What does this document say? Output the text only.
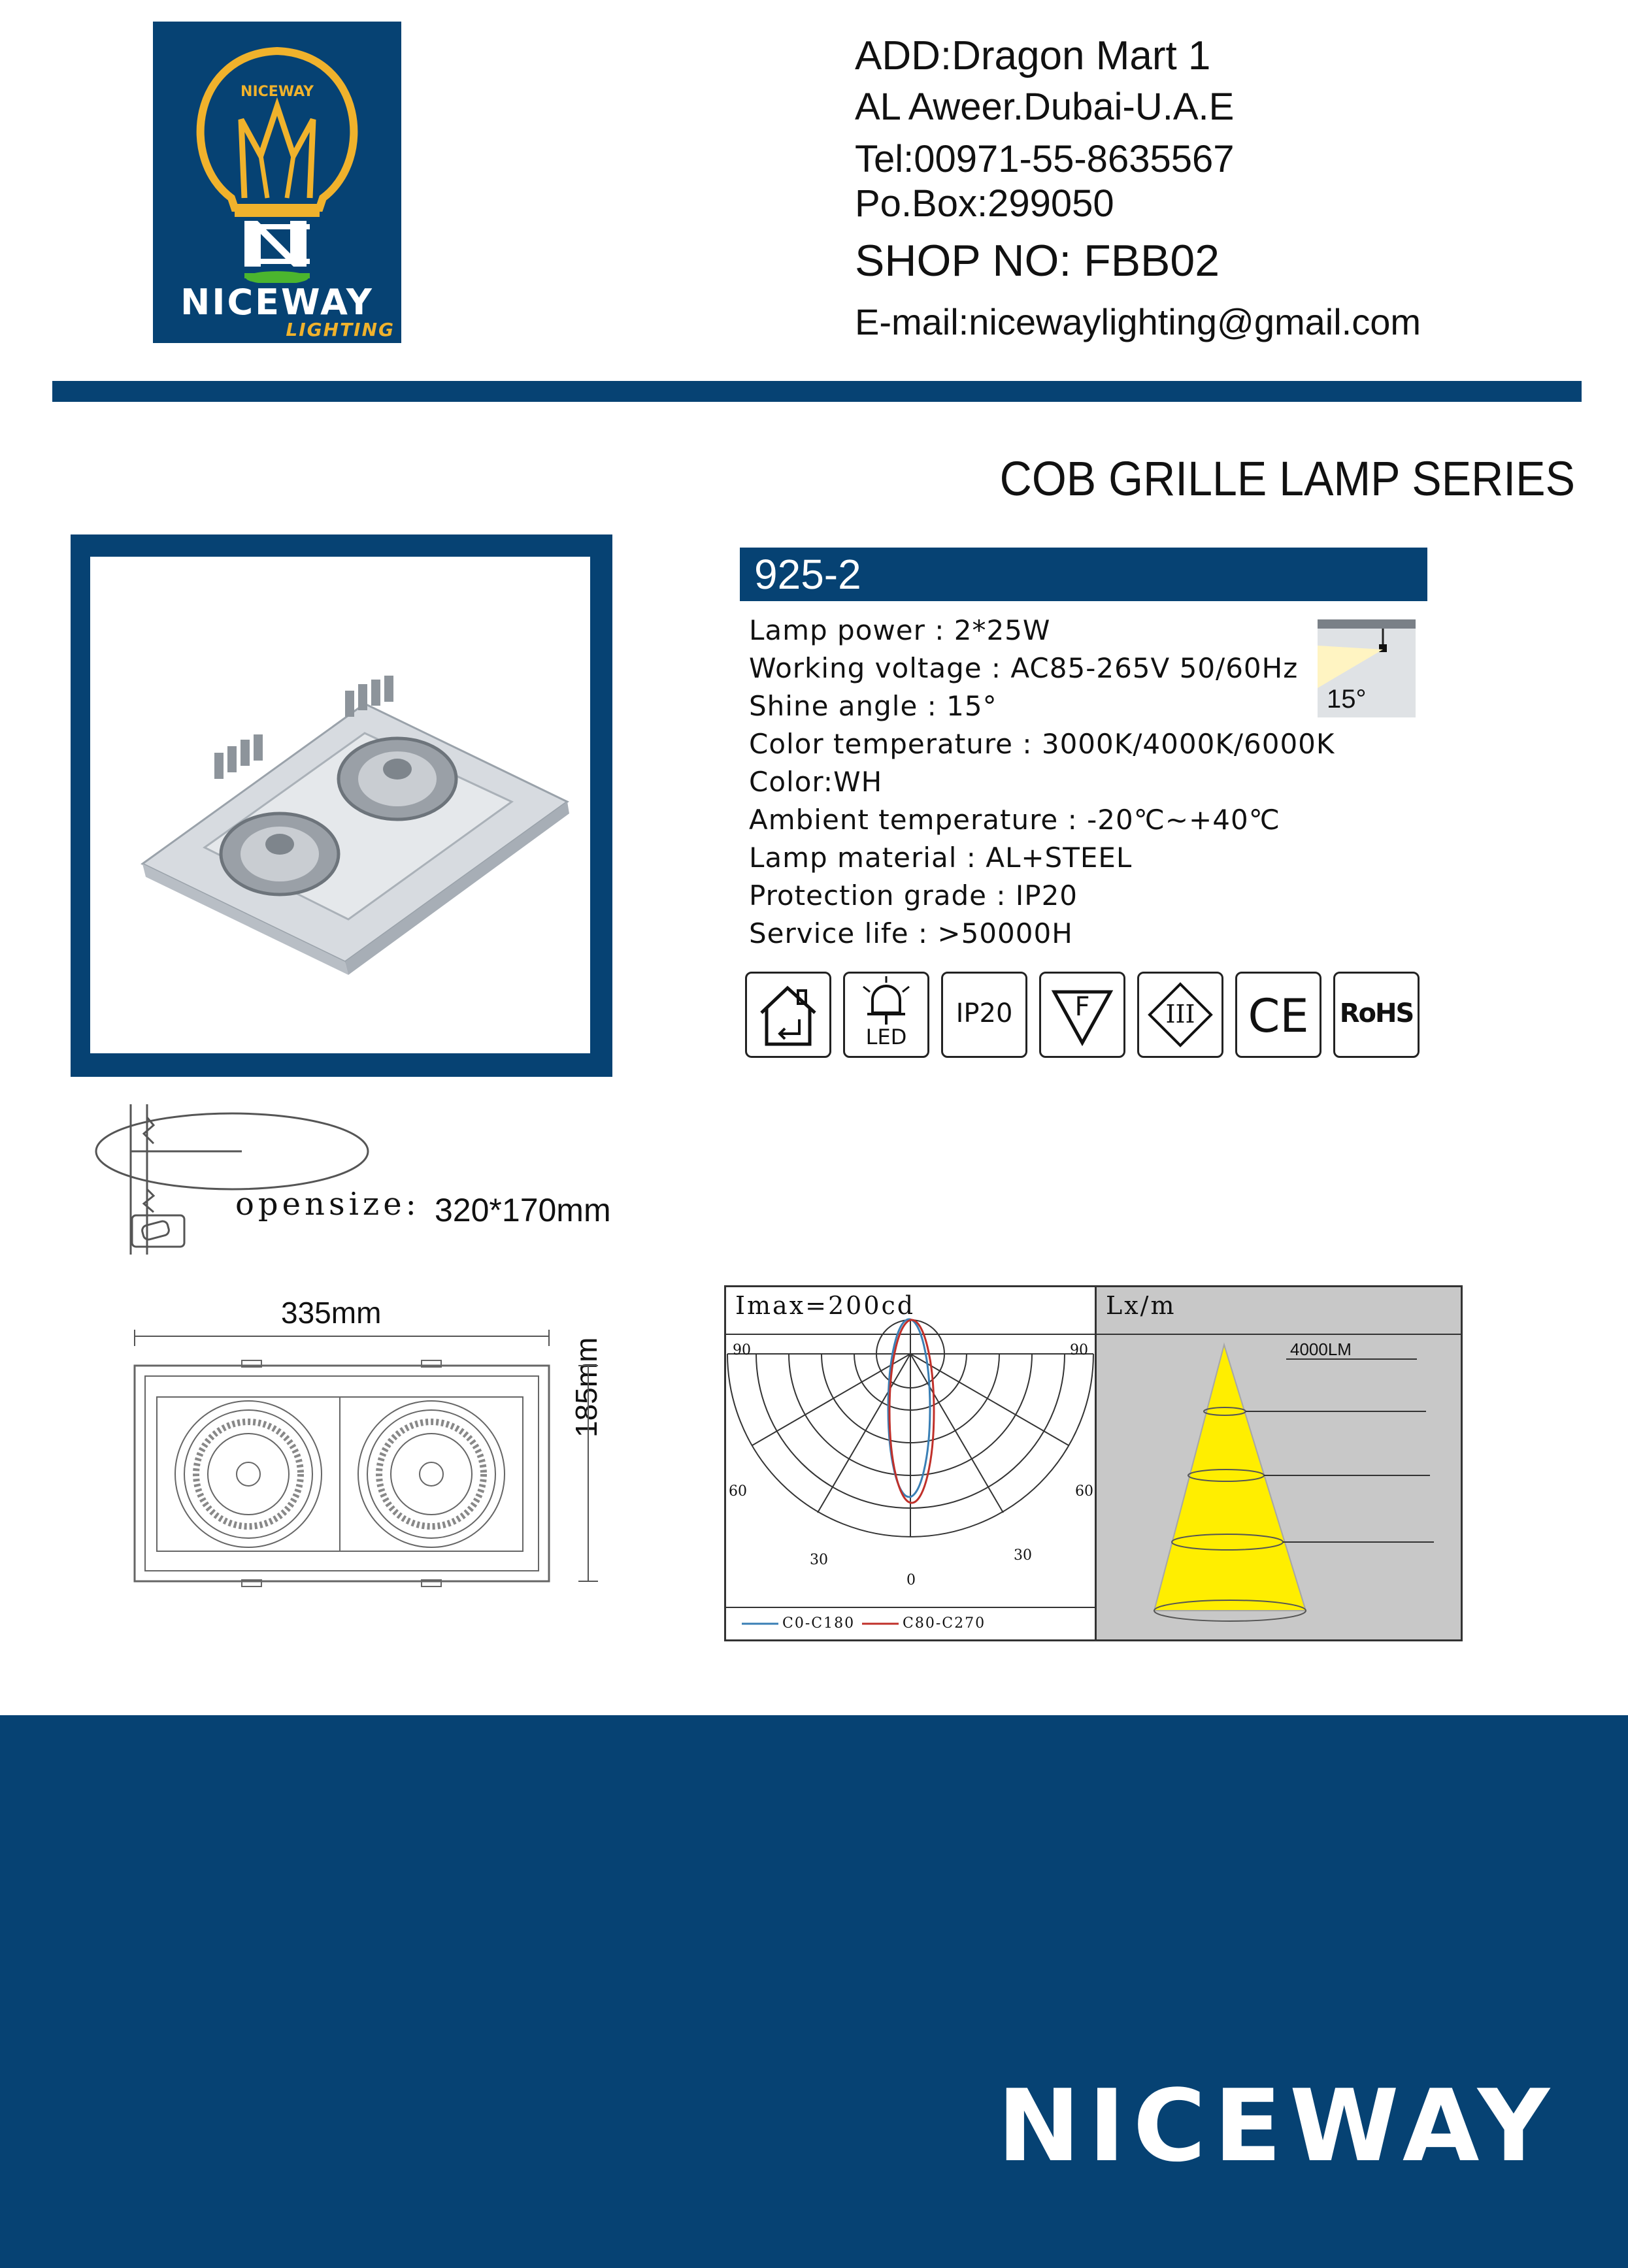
NICEWAY
NICEWAY
LIGHTING
ADD:Dragon Mart 1
AL Aweer.Dubai-U.A.E
Tel:00971-55-8635567
Po.Box:299050
SHOP NO: FBB02
E-mail:nicewaylighting@gmail.com
COB GRILLE LAMP SERIES
925-2
Lamp power : 2*25W
Working voltage : AC85-265V 50/60Hz
Shine angle : 15°
Color temperature : 3000K/4000K/6000K
Color:WH
Ambient temperature : -20℃~+40℃
Lamp material : AL+STEEL
Protection grade : IP20
Service life : >50000H
15°
LED
IP20	F	III	CE	RoHS
opensize: 320*170mm
335mm
185mm
Imax=200cd
90	90
60	60
30	30
0
C0-C180	C80-C270
Lx/m
4000LM
NICEWAY
